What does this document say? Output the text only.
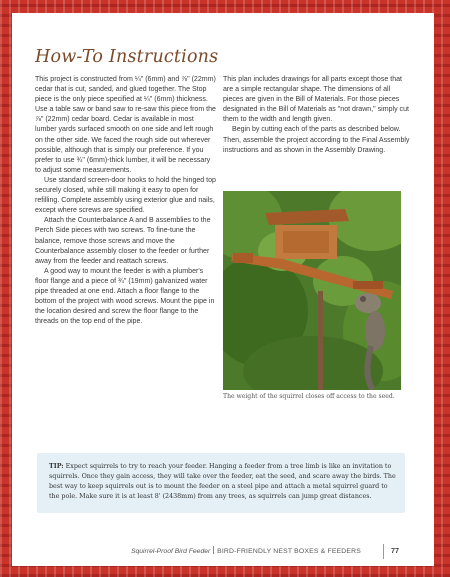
How-To Instructions

This project is constructed from ¼" (6mm) and ⅞" (22mm) cedar that is cut, sanded, and glued together. The Stop piece is the only piece specified at ¼" (6mm) thickness. Use a table saw or band saw to re-saw this piece from the ⅞" (22mm) cedar board. Cedar is available in most lumber yards surfaced smooth on one side and left rough on the other side. We faced the rough side out wherever possible, although that is simply our preference. If you prefer to use ¾" (6mm)-thick lumber, it will be necessary to adjust some measurements.

Use standard screen-door hooks to hold the hinged top securely closed, while still making it easy to open for refilling. Complete assembly using exterior glue and nails, except where screws are specified.

Attach the Counterbalance A and B assemblies to the Perch Side pieces with two screws. To fine-tune the balance, remove those screws and move the Counterbalance assembly closer to the feeder or further away from the feeder and reattach screws.

A good way to mount the feeder is with a plumber's floor flange and a piece of ¾" (19mm) galvanized water pipe threaded at one end. Attach a floor flange to the bottom of the project with wood screws. Mount the pipe in the location desired and screw the floor flange to the threads on the top end of the pipe.

This plan includes drawings for all parts except those that are a simple rectangular shape. The dimensions of all pieces are given in the Bill of Materials. For those pieces designated in the Bill of Materials as "not drawn," simply cut them to the width and length given.

Begin by cutting each of the parts as described below. Then, assemble the project according to the Final Assembly instructions and as shown in the Assembly Drawing.

The weight of the squirrel closes off access to the seed.
TIP: Expect squirrels to try to reach your feeder. Hanging a feeder from a tree limb is like an invitation to squirrels. Once they gain access, they will take over the feeder, eat the seed, and scare away the birds. The best way to keep squirrels out is to mount the feeder on a steel pipe and attach a metal squirrel guard to the pole. Make sure it is at least 8' (2438mm) from any trees, as squirrels can jump great distances.
Squirrel-Proof Bird Feeder BIRD-FRIENDLY NEST BOXES & FEEDERS	77
